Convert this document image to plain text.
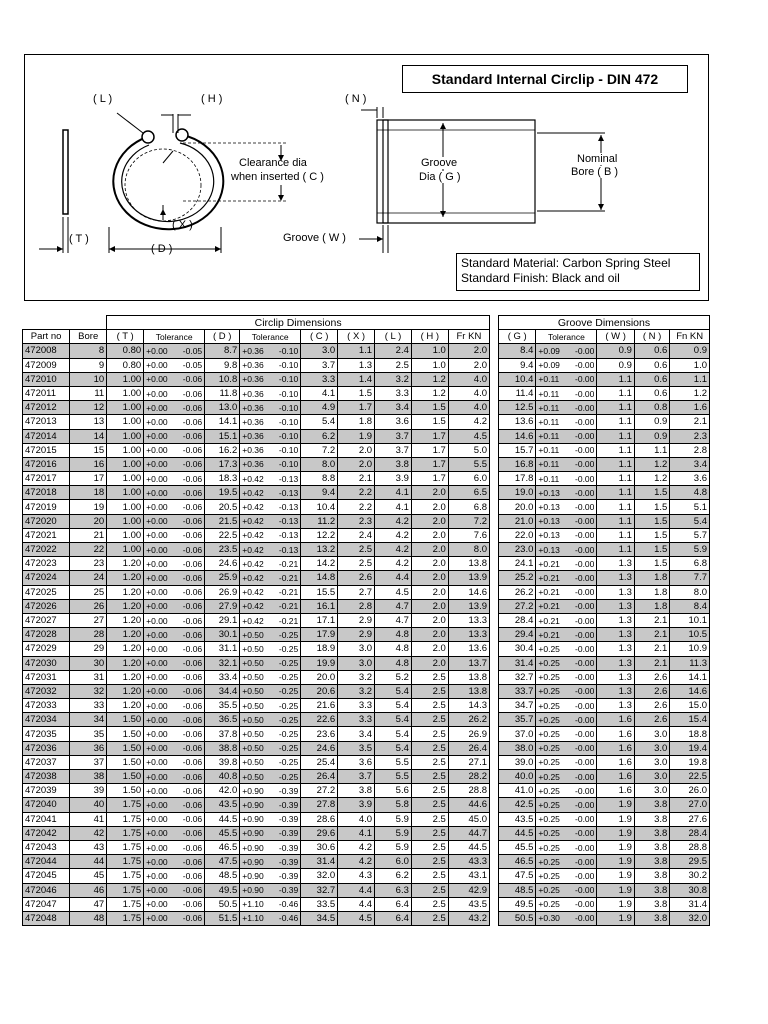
Standard Internal Circlip - DIN 472
( L )	( H )	( N )
Clearance dia
when inserted ( C )
( X )
( T )
( D )
Groove ( W )
Groove
Dia ( G )
Nominal
Bore ( B )
Standard Material: Carbon Spring Steel
Standard Finish: Black and oil
		Circlip Dimensions								
Part no	Bore	( T )	Tolerance	( D )	Tolerance	( C )	( X )	( L )	( H )	Fr KN
472008	8	0.80	+0.00 -0.05	8.7	+0.36 -0.10	3.0	1.1	2.4	1.0	2.0
472009	9	0.80	+0.00 -0.05	9.8	+0.36 -0.10	3.7	1.3	2.5	1.0	2.0
472010	10	1.00	+0.00 -0.06	10.8	+0.36 -0.10	3.3	1.4	3.2	1.2	4.0
472011	11	1.00	+0.00 -0.06	11.8	+0.36 -0.10	4.1	1.5	3.3	1.2	4.0
472012	12	1.00	+0.00 -0.06	13.0	+0.36 -0.10	4.9	1.7	3.4	1.5	4.0
472013	13	1.00	+0.00 -0.06	14.1	+0.36 -0.10	5.4	1.8	3.6	1.5	4.2
472014	14	1.00	+0.00 -0.06	15.1	+0.36 -0.10	6.2	1.9	3.7	1.7	4.5
472015	15	1.00	+0.00 -0.06	16.2	+0.36 -0.10	7.2	2.0	3.7	1.7	5.0
472016	16	1.00	+0.00 -0.06	17.3	+0.36 -0.10	8.0	2.0	3.8	1.7	5.5
472017	17	1.00	+0.00 -0.06	18.3	+0.42 -0.13	8.8	2.1	3.9	1.7	6.0
472018	18	1.00	+0.00 -0.06	19.5	+0.42 -0.13	9.4	2.2	4.1	2.0	6.5
472019	19	1.00	+0.00 -0.06	20.5	+0.42 -0.13	10.4	2.2	4.1	2.0	6.8
472020	20	1.00	+0.00 -0.06	21.5	+0.42 -0.13	11.2	2.3	4.2	2.0	7.2
472021	21	1.00	+0.00 -0.06	22.5	+0.42 -0.13	12.2	2.4	4.2	2.0	7.6
472022	22	1.00	+0.00 -0.06	23.5	+0.42 -0.13	13.2	2.5	4.2	2.0	8.0
472023	23	1.20	+0.00 -0.06	24.6	+0.42 -0.21	14.2	2.5	4.2	2.0	13.8
472024	24	1.20	+0.00 -0.06	25.9	+0.42 -0.21	14.8	2.6	4.4	2.0	13.9
472025	25	1.20	+0.00 -0.06	26.9	+0.42 -0.21	15.5	2.7	4.5	2.0	14.6
472026	26	1.20	+0.00 -0.06	27.9	+0.42 -0.21	16.1	2.8	4.7	2.0	13.9
472027	27	1.20	+0.00 -0.06	29.1	+0.42 -0.21	17.1	2.9	4.7	2.0	13.3
472028	28	1.20	+0.00 -0.06	30.1	+0.50 -0.25	17.9	2.9	4.8	2.0	13.3
472029	29	1.20	+0.00 -0.06	31.1	+0.50 -0.25	18.9	3.0	4.8	2.0	13.6
472030	30	1.20	+0.00 -0.06	32.1	+0.50 -0.25	19.9	3.0	4.8	2.0	13.7
472031	31	1.20	+0.00 -0.06	33.4	+0.50 -0.25	20.0	3.2	5.2	2.5	13.8
472032	32	1.20	+0.00 -0.06	34.4	+0.50 -0.25	20.6	3.2	5.4	2.5	13.8
472033	33	1.20	+0.00 -0.06	35.5	+0.50 -0.25	21.6	3.3	5.4	2.5	14.3
472034	34	1.50	+0.00 -0.06	36.5	+0.50 -0.25	22.6	3.3	5.4	2.5	26.2
472035	35	1.50	+0.00 -0.06	37.8	+0.50 -0.25	23.6	3.4	5.4	2.5	26.9
472036	36	1.50	+0.00 -0.06	38.8	+0.50 -0.25	24.6	3.5	5.4	2.5	26.4
472037	37	1.50	+0.00 -0.06	39.8	+0.50 -0.25	25.4	3.6	5.5	2.5	27.1
472038	38	1.50	+0.00 -0.06	40.8	+0.50 -0.25	26.4	3.7	5.5	2.5	28.2
472039	39	1.50	+0.00 -0.06	42.0	+0.90 -0.39	27.2	3.8	5.6	2.5	28.8
472040	40	1.75	+0.00 -0.06	43.5	+0.90 -0.39	27.8	3.9	5.8	2.5	44.6
472041	41	1.75	+0.00 -0.06	44.5	+0.90 -0.39	28.6	4.0	5.9	2.5	45.0
472042	42	1.75	+0.00 -0.06	45.5	+0.90 -0.39	29.6	4.1	5.9	2.5	44.7
472043	43	1.75	+0.00 -0.06	46.5	+0.90 -0.39	30.6	4.2	5.9	2.5	44.5
472044	44	1.75	+0.00 -0.06	47.5	+0.90 -0.39	31.4	4.2	6.0	2.5	43.3
472045	45	1.75	+0.00 -0.06	48.5	+0.90 -0.39	32.0	4.3	6.2	2.5	43.1
472046	46	1.75	+0.00 -0.06	49.5	+0.90 -0.39	32.7	4.4	6.3	2.5	42.9
472047	47	1.75	+0.00 -0.06	50.5	+1.10 -0.46	33.5	4.4	6.4	2.5	43.5
472048	48	1.75	+0.00 -0.06	51.5	+1.10 -0.46	34.5	4.5	6.4	2.5	43.2
Groove Dimensions				
( G )	Tolerance	( W )	( N )	Fn KN
8.4	+0.09 -0.00	0.9	0.6	0.9
9.4	+0.09 -0.00	0.9	0.6	1.0
10.4	+0.11 -0.00	1.1	0.6	1.1
11.4	+0.11 -0.00	1.1	0.6	1.2
12.5	+0.11 -0.00	1.1	0.8	1.6
13.6	+0.11 -0.00	1.1	0.9	2.1
14.6	+0.11 -0.00	1.1	0.9	2.3
15.7	+0.11 -0.00	1.1	1.1	2.8
16.8	+0.11 -0.00	1.1	1.2	3.4
17.8	+0.11 -0.00	1.1	1.2	3.6
19.0	+0.13 -0.00	1.1	1.5	4.8
20.0	+0.13 -0.00	1.1	1.5	5.1
21.0	+0.13 -0.00	1.1	1.5	5.4
22.0	+0.13 -0.00	1.1	1.5	5.7
23.0	+0.13 -0.00	1.1	1.5	5.9
24.1	+0.21 -0.00	1.3	1.5	6.8
25.2	+0.21 -0.00	1.3	1.8	7.7
26.2	+0.21 -0.00	1.3	1.8	8.0
27.2	+0.21 -0.00	1.3	1.8	8.4
28.4	+0.21 -0.00	1.3	2.1	10.1
29.4	+0.21 -0.00	1.3	2.1	10.5
30.4	+0.25 -0.00	1.3	2.1	10.9
31.4	+0.25 -0.00	1.3	2.1	11.3
32.7	+0.25 -0.00	1.3	2.6	14.1
33.7	+0.25 -0.00	1.3	2.6	14.6
34.7	+0.25 -0.00	1.3	2.6	15.0
35.7	+0.25 -0.00	1.6	2.6	15.4
37.0	+0.25 -0.00	1.6	3.0	18.8
38.0	+0.25 -0.00	1.6	3.0	19.4
39.0	+0.25 -0.00	1.6	3.0	19.8
40.0	+0.25 -0.00	1.6	3.0	22.5
41.0	+0.25 -0.00	1.6	3.0	26.0
42.5	+0.25 -0.00	1.9	3.8	27.0
43.5	+0.25 -0.00	1.9	3.8	27.6
44.5	+0.25 -0.00	1.9	3.8	28.4
45.5	+0.25 -0.00	1.9	3.8	28.8
46.5	+0.25 -0.00	1.9	3.8	29.5
47.5	+0.25 -0.00	1.9	3.8	30.2
48.5	+0.25 -0.00	1.9	3.8	30.8
49.5	+0.25 -0.00	1.9	3.8	31.4
50.5	+0.30 -0.00	1.9	3.8	32.0
